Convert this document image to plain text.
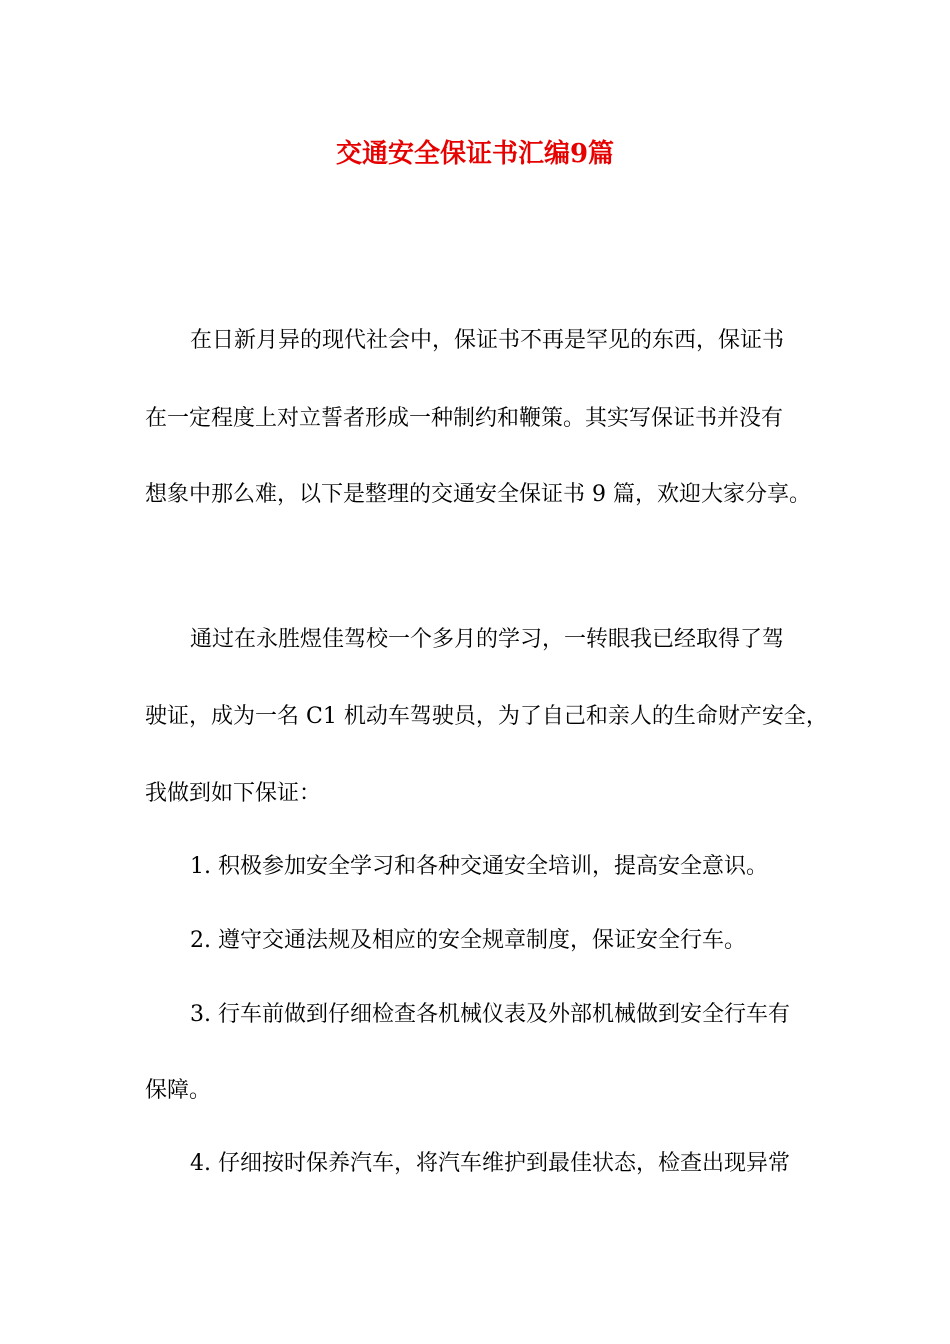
交通安全保证书汇编9篇

在日新月异的现代社会中，保证书不再是罕见的东西，保证书

在一定程度上对立誓者形成一种制约和鞭策。其实写保证书并没有

想象中那么难，以下是整理的交通安全保证书 9 篇，欢迎大家分享。

通过在永胜煜佳驾校一个多月的学习，一转眼我已经取得了驾

驶证，成为一名 C1 机动车驾驶员，为了自己和亲人的生命财产安全，

我做到如下保证：

1. 积极参加安全学习和各种交通安全培训，提高安全意识。

2. 遵守交通法规及相应的安全规章制度，保证安全行车。

3. 行车前做到仔细检查各机械仪表及外部机械做到安全行车有

保障。

4. 仔细按时保养汽车，将汽车维护到最佳状态，检查出现异常
